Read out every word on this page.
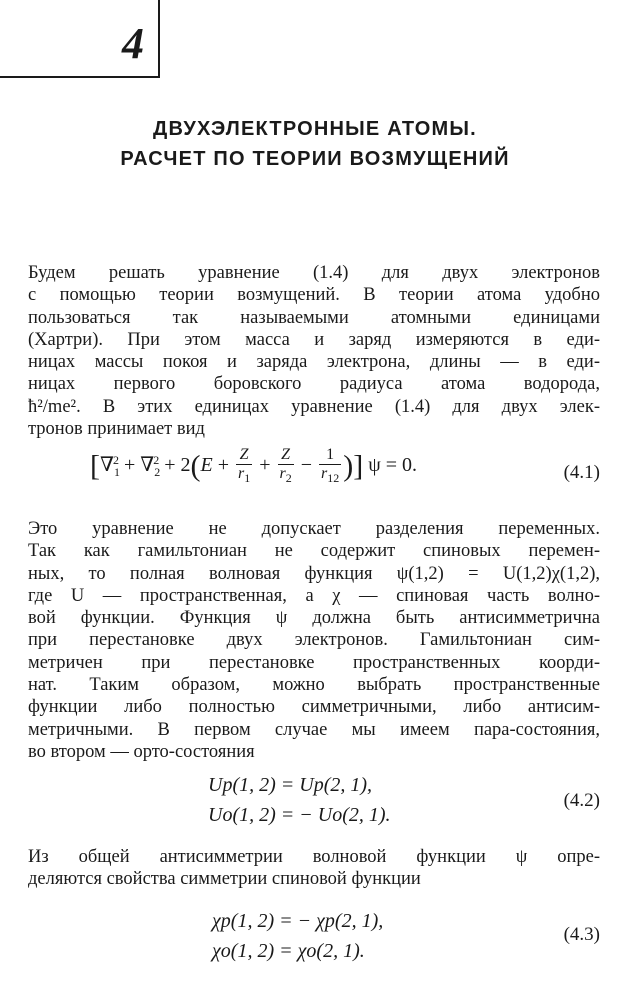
4
ДВУХЭЛЕКТРОННЫЕ АТОМЫ.
РАСЧЕТ ПО ТЕОРИИ ВОЗМУЩЕНИЙ
Будем решать уравнение (1.4) для двух электронов
с помощью теории возмущений. В теории атома удобно
пользоваться так называемыми атомными единицами
(Хартри). При этом масса и заряд измеряются в еди-
ницах массы покоя и заряда электрона, длины — в еди-
ницах первого боровского радиуса атома водорода,
ħ²/me². В этих единицах уравнение (1.4) для двух элек-
тронов принимает вид
[$\nabla_1^2 + \nabla_2^2 + 2(E + \frac{Z}{r_1} + \frac{Z}{r_2} - \frac{1}{r_{12}}$ )] ψ = 0.	(4.1)
Это уравнение не допускает разделения переменных.
Так как гамильтониан не содержит спиновых перемен-
ных, то полная волновая функция ψ(1,2) = U(1,2)χ(1,2),
где U — пространственная, а χ — спиновая часть волно-
вой функции. Функция ψ должна быть антисимметрична
при перестановке двух электронов. Гамильтониан сим-
метричен при перестановке пространственных коорди-
нат. Таким образом, можно выбрать пространственные
функции либо полностью симметричными, либо антисим-
метричными. В первом случае мы имеем пара-состояния,
во втором — орто-состояния
Up(1, 2) = Up(2, 1),
Uo(1, 2) = − Uo(2, 1).
(4.2)
Из общей антисимметрии волновой функции ψ опре-
деляются свойства симметрии спиновой функции
χp(1, 2) = − χp(2, 1),
χo(1, 2) = χo(2, 1).
(4.3)
